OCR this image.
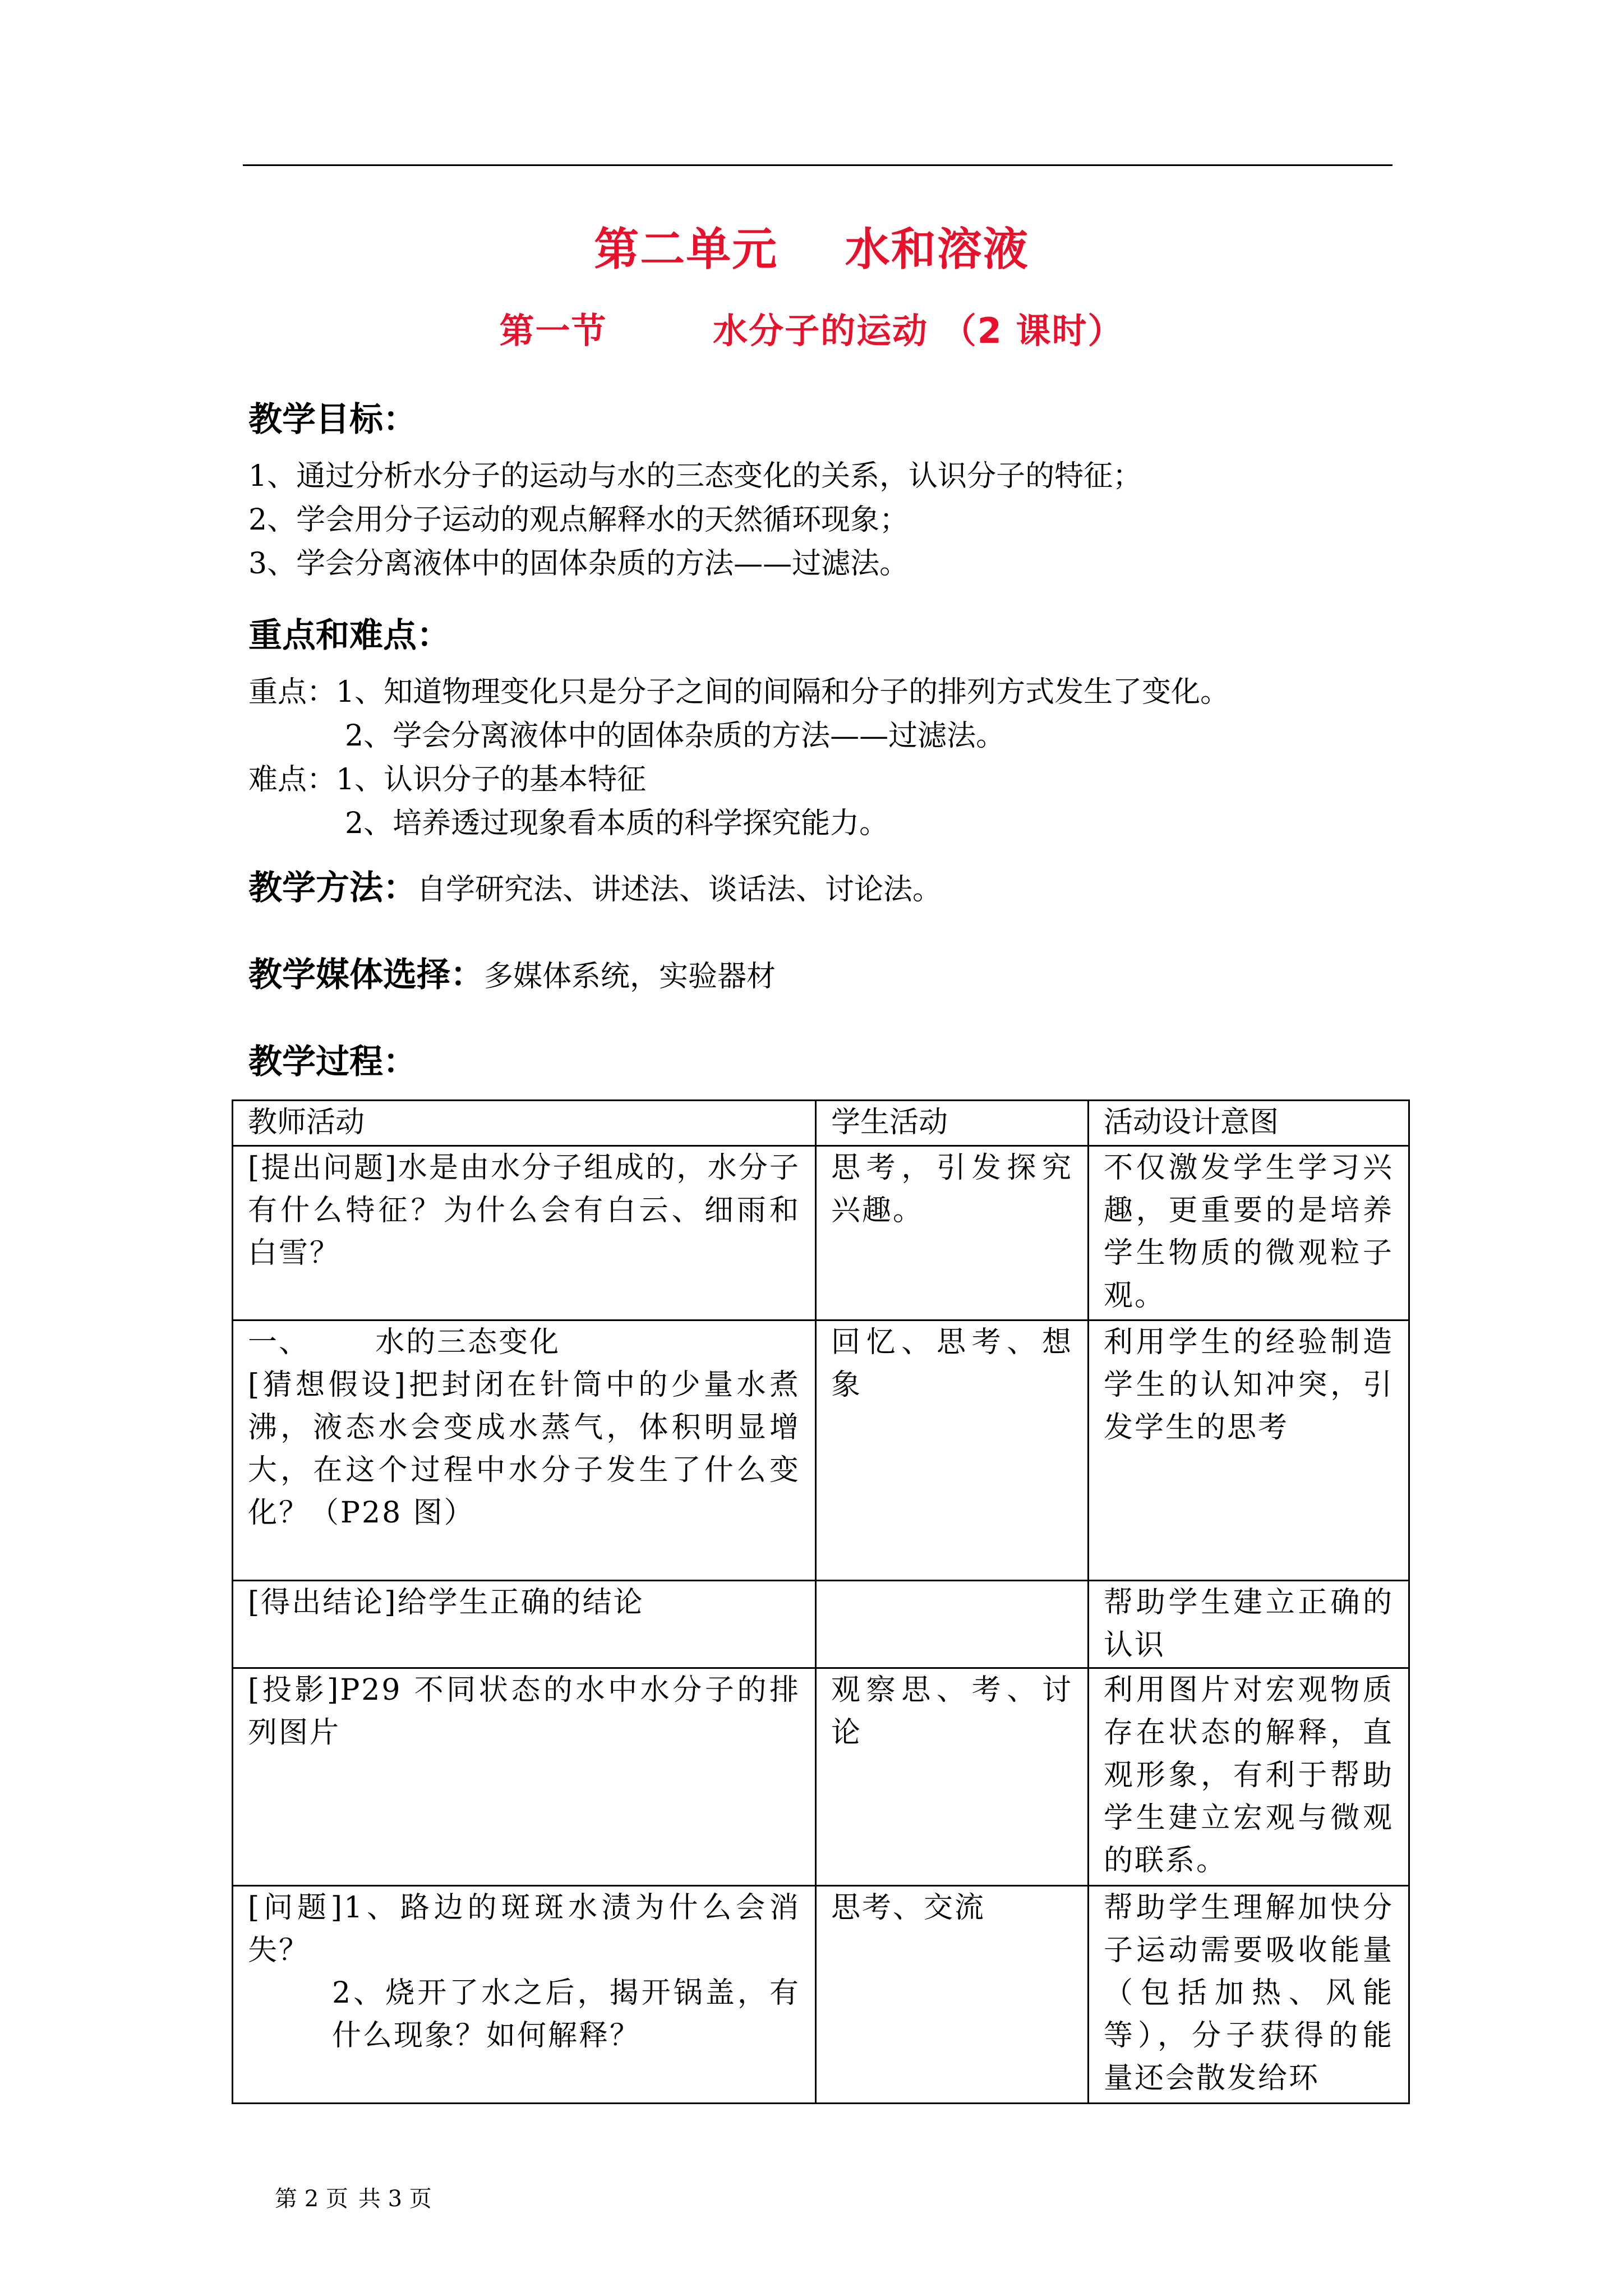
第二单元    水和溶液
第一节        水分子的运动 （2 课时）
教学目标：
1、通过分析水分子的运动与水的三态变化的关系，认识分子的特征；
2、学会用分子运动的观点解释水的天然循环现象；
3、学会分离液体中的固体杂质的方法——过滤法。
重点和难点：
重点：1、知道物理变化只是分子之间的间隔和分子的排列方式发生了变化。
2、学会分离液体中的固体杂质的方法——过滤法。
难点：1、认识分子的基本特征
2、培养透过现象看本质的科学探究能力。
教学方法：自学研究法、讲述法、谈话法、讨论法。
教学媒体选择：多媒体系统，实验器材
教学过程：
教师活动	学生活动	活动设计意图

[提出问题]水是由水分子组成的，水分子有什么特征？为什么会有白云、细雨和白雪？	思考，引发探究兴趣。	不仅激发学生学习兴趣，更重要的是培养学生物质的微观粒子观。

一、      水的三态变化
[猜想假设]把封闭在针筒中的少量水煮沸，液态水会变成水蒸气，体积明显增大，在这个过程中水分子发生了什么变化？（P28 图）	回忆、思考、想象	利用学生的经验制造学生的认知冲突，引发学生的思考

[得出结论]给学生正确的结论		帮助学生建立正确的认识

[投影]P29 不同状态的水中水分子的排列图片	观察思、考、讨论	利用图片对宏观物质存在状态的解释，直观形象，有利于帮助学生建立宏观与微观的联系。

[问题]1、路边的斑斑水渍为什么会消失？
2、烧开了水之后，揭开锅盖，有什么现象？如何解释？	思考、交流	帮助学生理解加快分子运动需要吸收能量（包括加热、风能等），分子获得的能量还会散发给环
第 2 页 共 3 页
